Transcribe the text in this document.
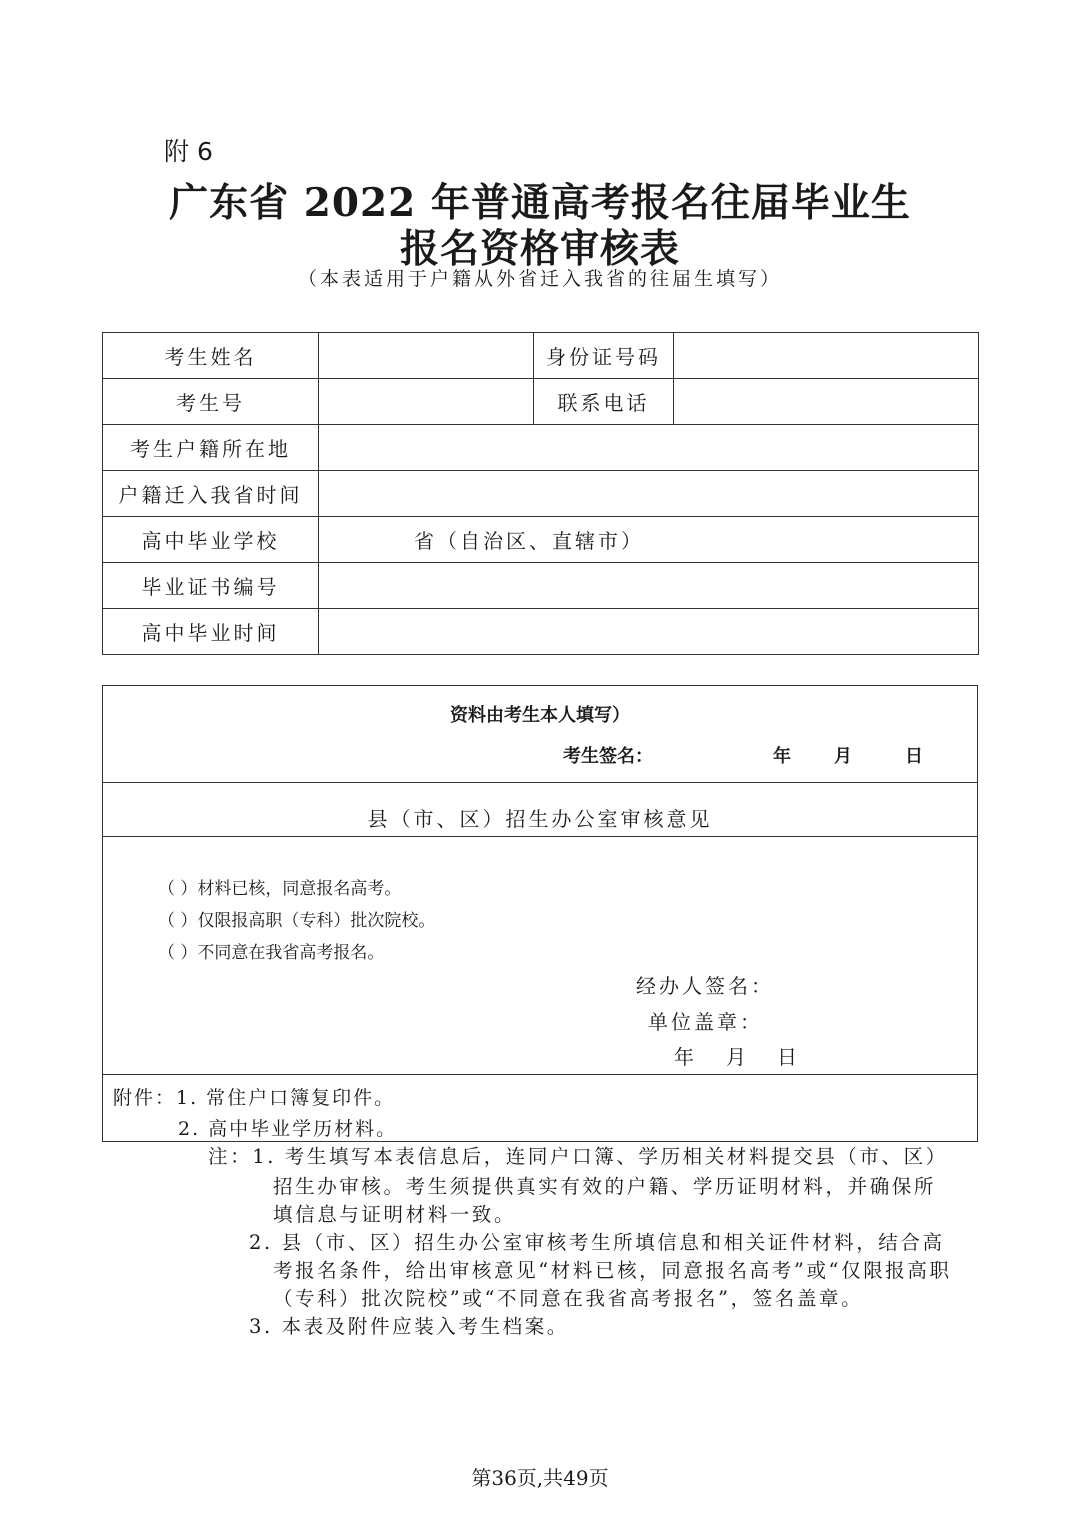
附 6
广东省 2022 年普通高考报名往届毕业生
报名资格审核表
（本表适用于户籍从外省迁入我省的往届生填写）
考生姓名		身份证号码	
考生号		联系电话	
考生户籍所在地			
户籍迁入我省时间			
高中毕业学校	省（自治区、直辖市）		
毕业证书编号			
高中毕业时间			
资料由考生本人填写）
考生签名：	年 月	日
县（市、区）招生办公室审核意见
（ ）材料已核，同意报名高考。
（ ）仅限报高职（专科）批次院校。
（ ）不同意在我省高考报名。
经办人签名：
单位盖章：
年 月 日
附件：1. 常住户口簿复印件。
2. 高中毕业学历材料。
注：1. 考生填写本表信息后，连同户口簿、学历相关材料提交县（市、区）
招生办审核。考生须提供真实有效的户籍、学历证明材料，并确保所
填信息与证明材料一致。
2. 县（市、区）招生办公室审核考生所填信息和相关证件材料，结合高
考报名条件，给出审核意见“材料已核，同意报名高考”或“仅限报高职
（专科）批次院校”或“不同意在我省高考报名”，签名盖章。
3. 本表及附件应装入考生档案。
第36页,共49页
